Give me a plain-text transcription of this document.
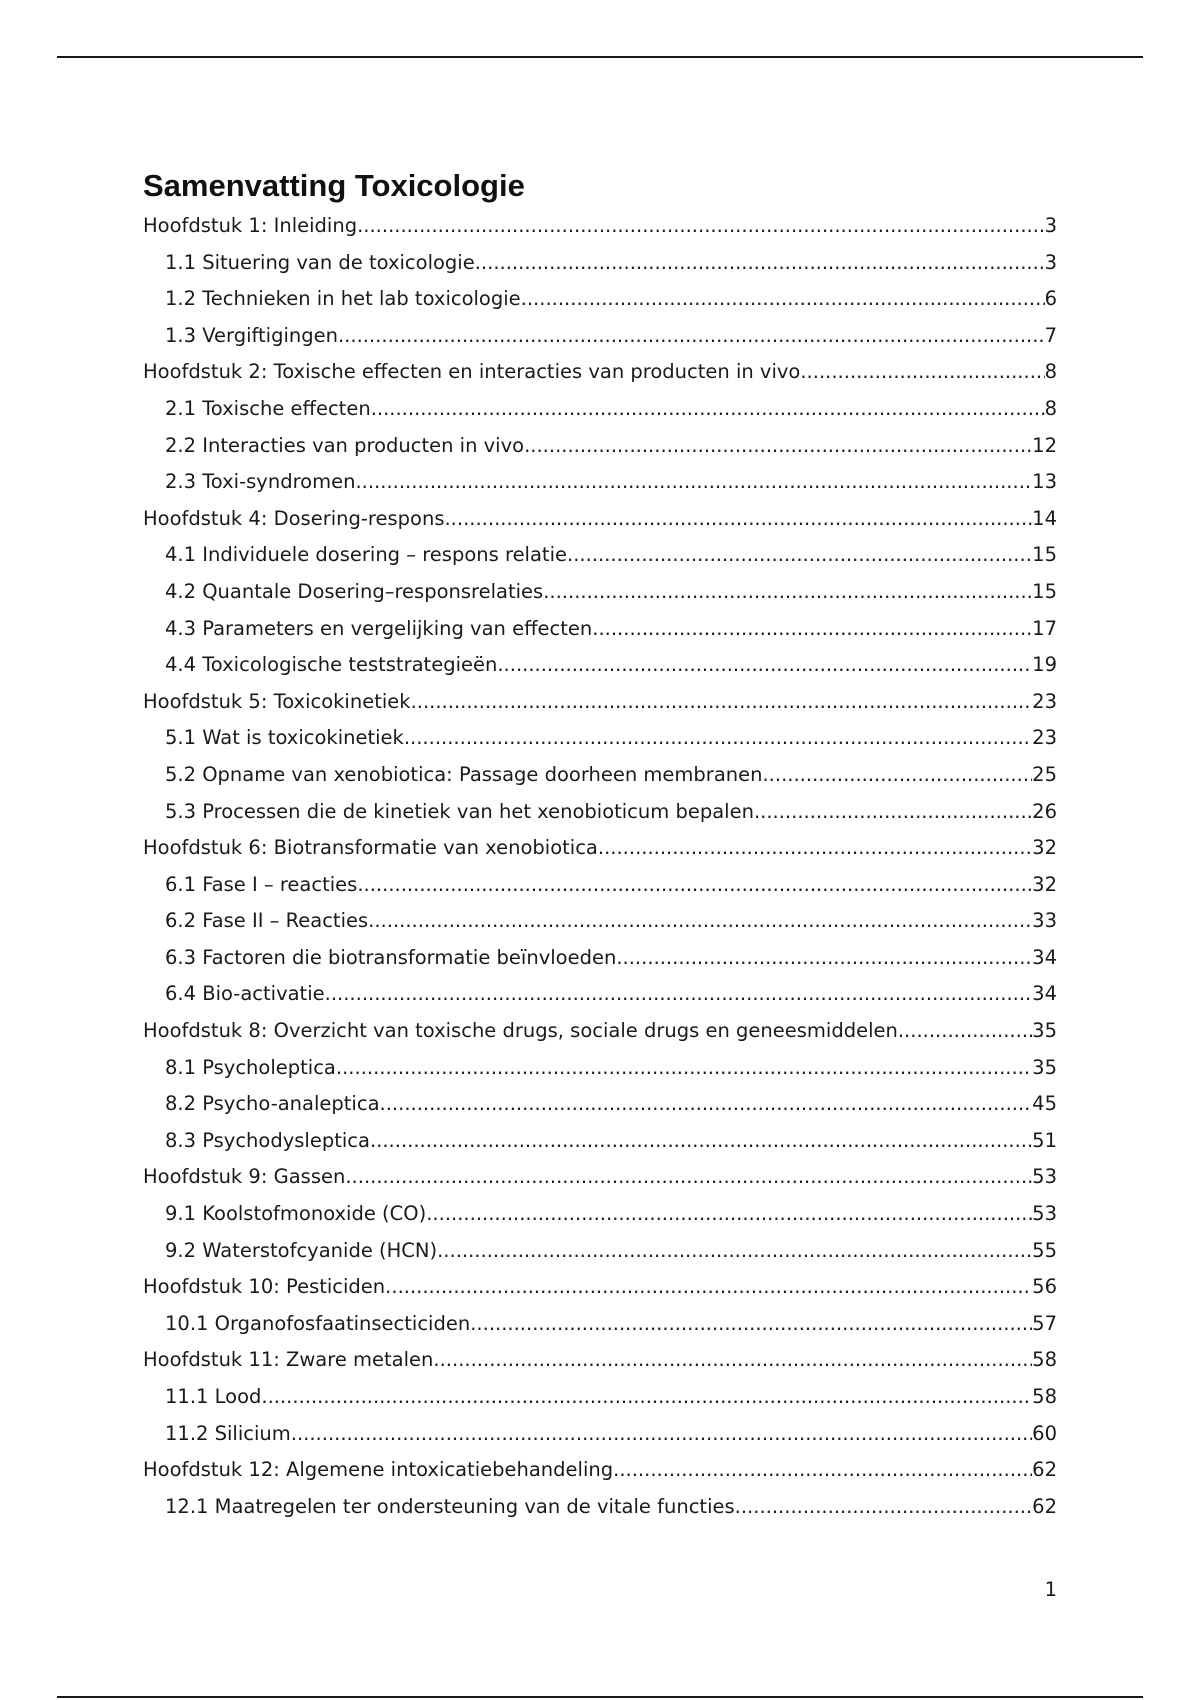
Samenvatting Toxicologie
Hoofdstuk 1: Inleiding .....	3
1.1 Situering van de toxicologie .....	3
1.2 Technieken in het lab toxicologie .....	6
1.3 Vergiftigingen .....	7
Hoofdstuk 2: Toxische effecten en interacties van producten in vivo .....	8
2.1 Toxische effecten .....	8
2.2 Interacties van producten in vivo .....	12
2.3 Toxi-syndromen .....	13
Hoofdstuk 4: Dosering-respons .....	14
4.1 Individuele dosering – respons relatie .....	15
4.2 Quantale Dosering–responsrelaties .....	15
4.3 Parameters en vergelijking van effecten .....	17
4.4 Toxicologische teststrategieën .....	19
Hoofdstuk 5: Toxicokinetiek .....	23
5.1 Wat is toxicokinetiek .....	23
5.2 Opname van xenobiotica: Passage doorheen membranen .....	25
5.3 Processen die de kinetiek van het xenobioticum bepalen .....	26
Hoofdstuk 6: Biotransformatie van xenobiotica .....	32
6.1 Fase I – reacties .....	32
6.2 Fase II – Reacties .....	33
6.3 Factoren die biotransformatie beïnvloeden .....	34
6.4 Bio-activatie .....	34
Hoofdstuk 8: Overzicht van toxische drugs, sociale drugs en geneesmiddelen .....	35
8.1 Psycholeptica .....	35
8.2 Psycho-analeptica .....	45
8.3 Psychodysleptica .....	51
Hoofdstuk 9: Gassen .....	53
9.1 Koolstofmonoxide (CO) .....	53
9.2 Waterstofcyanide (HCN) .....	55
Hoofdstuk 10: Pesticiden .....	56
10.1 Organofosfaatinsecticiden .....	57
Hoofdstuk 11: Zware metalen .....	58
11.1 Lood .....	58
11.2 Silicium .....	60
Hoofdstuk 12: Algemene intoxicatiebehandeling .....	62
12.1 Maatregelen ter ondersteuning van de vitale functies .....	62
1
